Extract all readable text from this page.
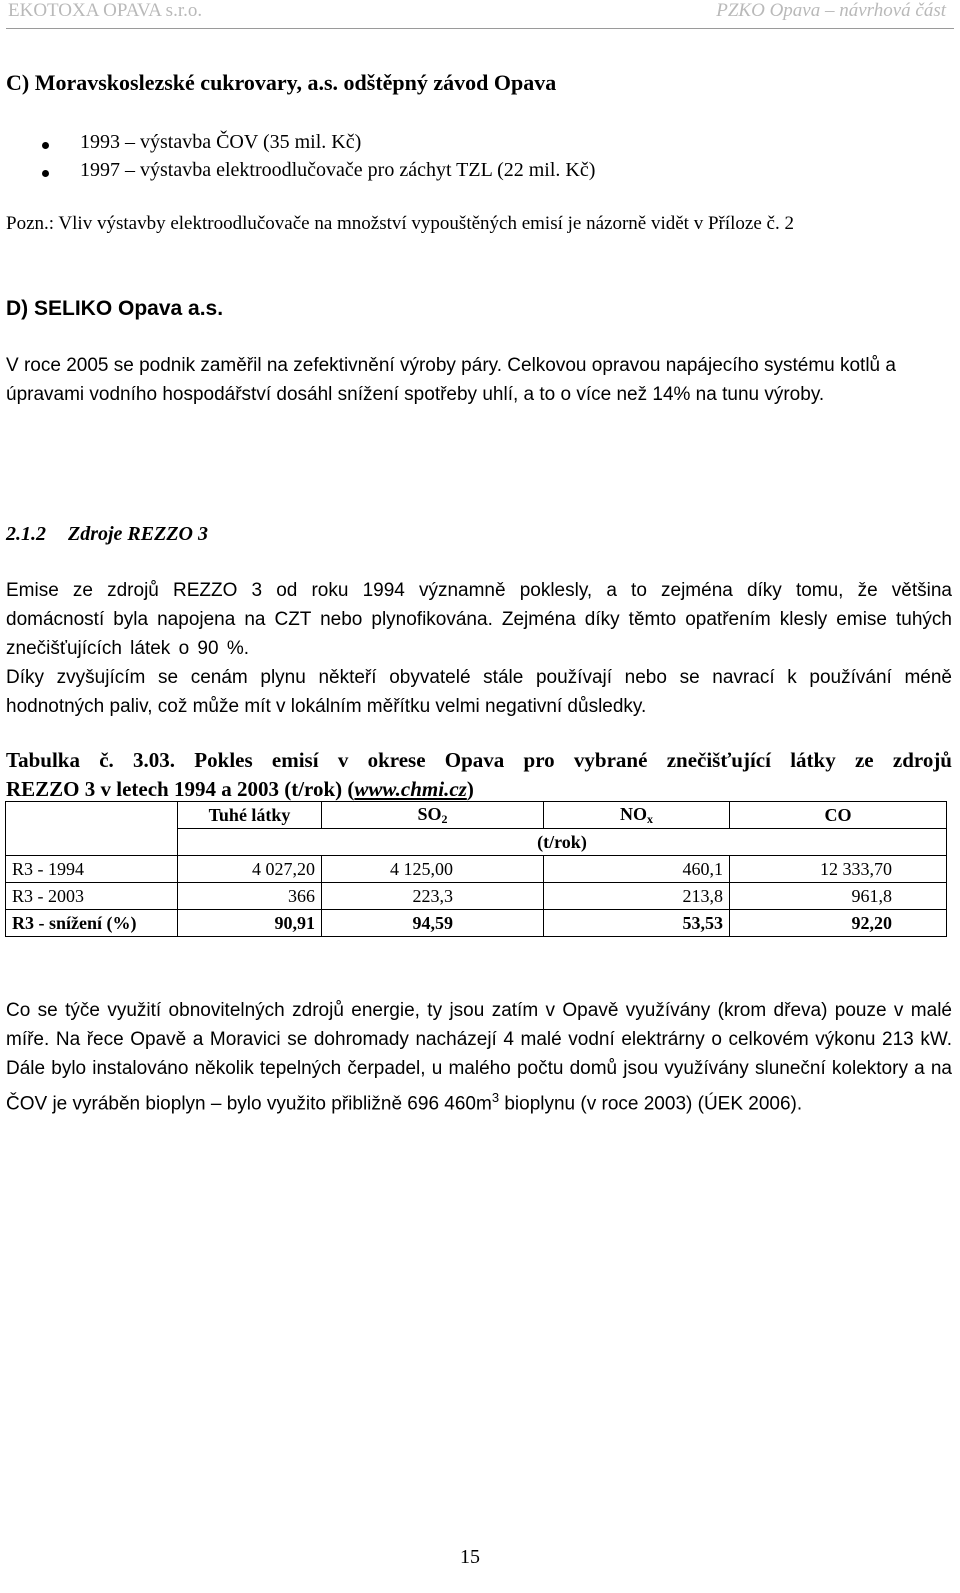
EKOTOXA OPAVA s.r.o.	PZKO Opava – návrhová část
C) Moravskoslezské cukrovary, a.s. odštěpný závod Opava
1993 – výstavba ČOV (35 mil. Kč)
1997 – výstavba elektroodlučovače pro záchyt TZL (22 mil. Kč)
Pozn.: Vliv výstavby elektroodlučovače na množství vypouštěných emisí je názorně vidět v Příloze č. 2
D) SELIKO Opava a.s.
V roce 2005 se podnik zaměřil na zefektivnění výroby páry. Celkovou opravou napájecího systému kotlů a úpravami vodního hospodářství dosáhl snížení spotřeby uhlí, a to o více než 14% na tunu výroby.
2.1.2 Zdroje REZZO 3
Emise ze zdrojů REZZO 3 od roku 1994 významně poklesly, a to zejména díky tomu, že většina domácností byla napojena na CZT nebo plynofikována. Zejména díky těmto opatřením klesly emise tuhých znečišťujících látek o 90 %.
Díky zvyšujícím se cenám plynu někteří obyvatelé stále používají nebo se navrací k používání méně hodnotných paliv, což může mít v lokálním měřítku velmi negativní důsledky.
Tabulka č. 3.03. Pokles emisí v okrese Opava pro vybrané znečišťující látky ze zdrojů
REZZO 3 v letech 1994 a 2003 (t/rok) (www.chmi.cz)
	Tuhé látky	$SO_2$	$NO_x$	CO
	(t/rok)			
R3 - 1994	4 027,20	4 125,00	460,1	12 333,70
R3 - 2003	366	223,3	213,8	961,8
R3 - snížení (%)	90,91	94,59	53,53	92,20
Co se týče využití obnovitelných zdrojů energie, ty jsou zatím v Opavě využívány (krom dřeva) pouze v malé míře. Na řece Opavě a Moravici se dohromady nacházejí 4 malé vodní elektrárny o celkovém výkonu 213 kW. Dále bylo instalováno několik tepelných čerpadel, u malého počtu domů jsou využívány sluneční kolektory a na ČOV je vyráběn bioplyn – bylo využito přibližně 696 $460m^3$ bioplynu (v roce 2003) (ÚEK 2006).
15
